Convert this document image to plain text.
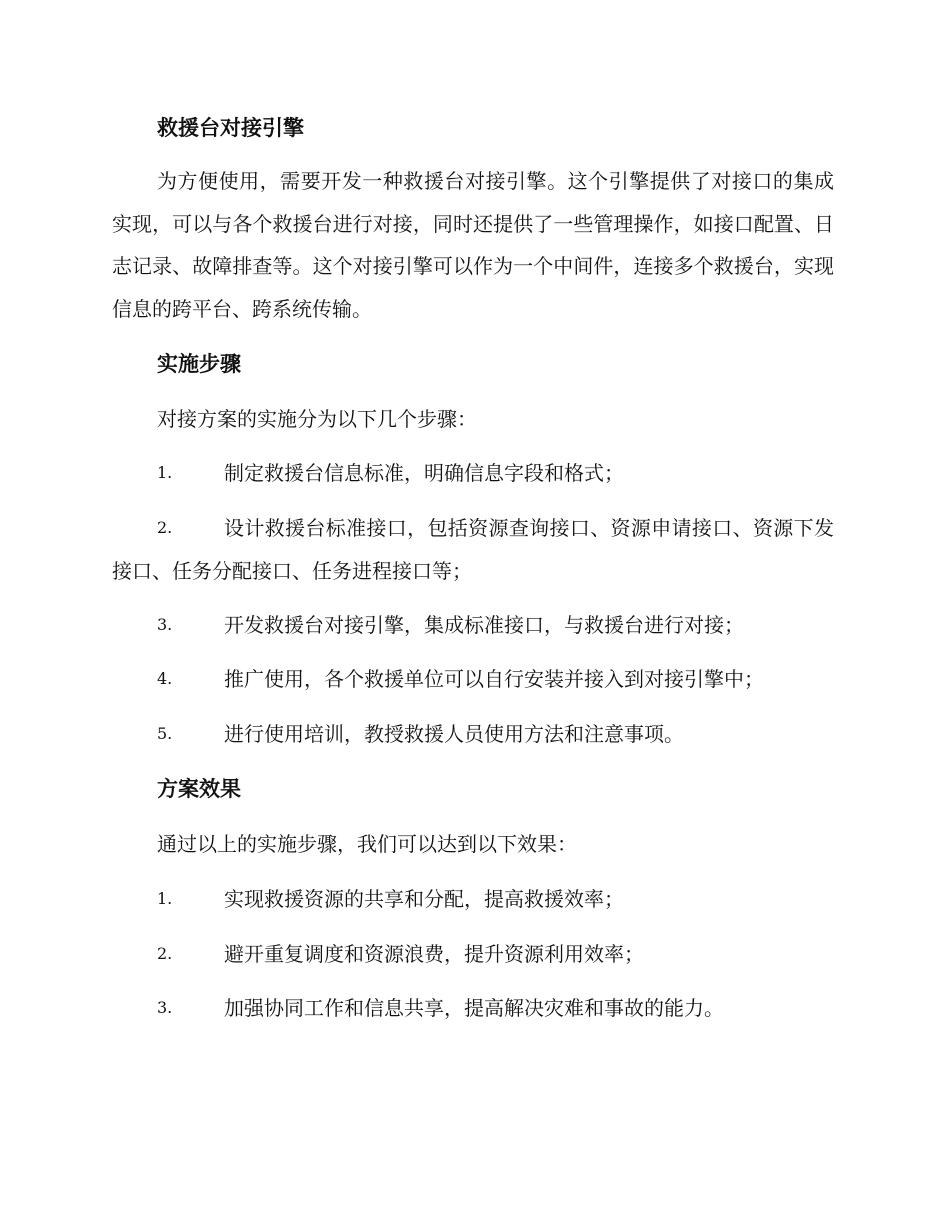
救援台对接引擎
为方便使用，需要开发一种救援台对接引擎。这个引擎提供了对接口的集成实现，可以与各个救援台进行对接，同时还提供了一些管理操作，如接口配置、日志记录、故障排查等。这个对接引擎可以作为一个中间件，连接多个救援台，实现信息的跨平台、跨系统传输。
实施步骤
对接方案的实施分为以下几个步骤：
1.	制定救援台信息标准，明确信息字段和格式；
2.	设计救援台标准接口，包括资源查询接口、资源申请接口、资源下发接口、任务分配接口、任务进程接口等；
3.	开发救援台对接引擎，集成标准接口，与救援台进行对接；
4.	推广使用，各个救援单位可以自行安装并接入到对接引擎中；
5.	进行使用培训，教授救援人员使用方法和注意事项。
方案效果
通过以上的实施步骤，我们可以达到以下效果：
1.	实现救援资源的共享和分配，提高救援效率；
2.	避开重复调度和资源浪费，提升资源利用效率；
3.	加强协同工作和信息共享，提高解决灾难和事故的能力。
